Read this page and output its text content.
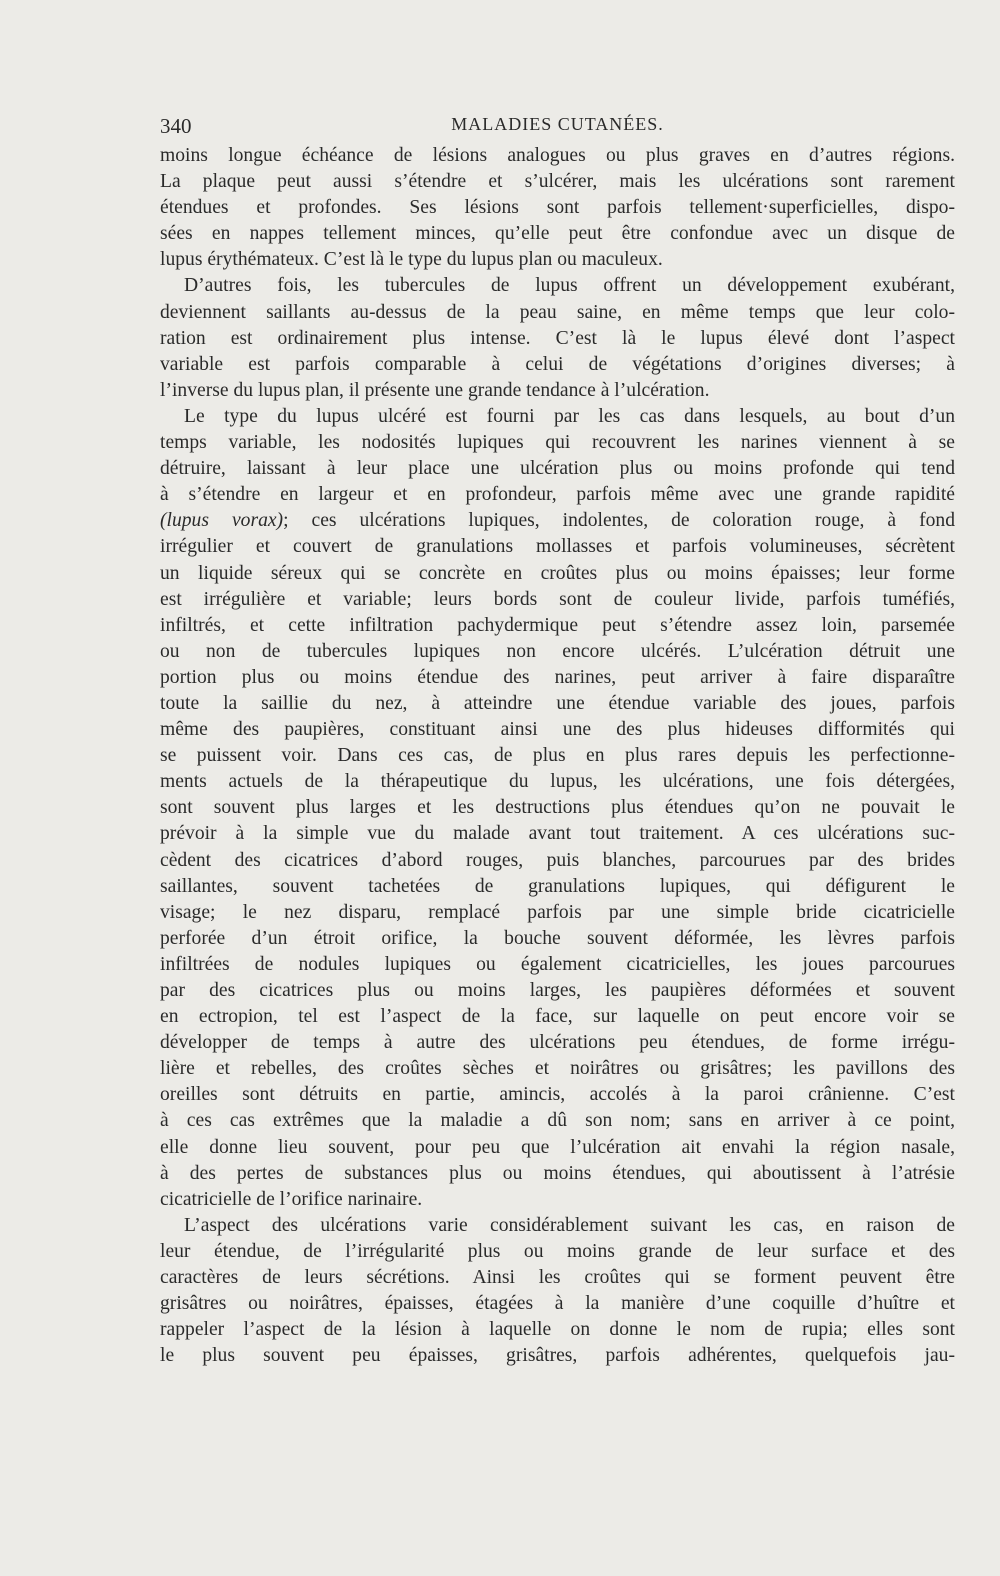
340	MALADIES CUTANÉES.
moins longue échéance de lésions analogues ou plus graves en d’autres régions.
La plaque peut aussi s’étendre et s’ulcérer, mais les ulcérations sont rarement
étendues et profondes. Ses lésions sont parfois tellement·superficielles, dispo-
sées en nappes tellement minces, qu’elle peut être confondue avec un disque de
lupus érythémateux. C’est là le type du lupus plan ou maculeux.
D’autres fois, les tubercules de lupus offrent un développement exubérant,
deviennent saillants au-dessus de la peau saine, en même temps que leur colo-
ration est ordinairement plus intense. C’est là le lupus élevé dont l’aspect
variable est parfois comparable à celui de végétations d’origines diverses; à
l’inverse du lupus plan, il présente une grande tendance à l’ulcération.
Le type du lupus ulcéré est fourni par les cas dans lesquels, au bout d’un
temps variable, les nodosités lupiques qui recouvrent les narines viennent à se
détruire, laissant à leur place une ulcération plus ou moins profonde qui tend
à s’étendre en largeur et en profondeur, parfois même avec une grande rapidité
(lupus vorax); ces ulcérations lupiques, indolentes, de coloration rouge, à fond
irrégulier et couvert de granulations mollasses et parfois volumineuses, sécrètent
un liquide séreux qui se concrète en croûtes plus ou moins épaisses; leur forme
est irrégulière et variable; leurs bords sont de couleur livide, parfois tuméfiés,
infiltrés, et cette infiltration pachydermique peut s’étendre assez loin, parsemée
ou non de tubercules lupiques non encore ulcérés. L’ulcération détruit une
portion plus ou moins étendue des narines, peut arriver à faire disparaître
toute la saillie du nez, à atteindre une étendue variable des joues, parfois
même des paupières, constituant ainsi une des plus hideuses difformités qui
se puissent voir. Dans ces cas, de plus en plus rares depuis les perfectionne-
ments actuels de la thérapeutique du lupus, les ulcérations, une fois détergées,
sont souvent plus larges et les destructions plus étendues qu’on ne pouvait le
prévoir à la simple vue du malade avant tout traitement. A ces ulcérations suc-
cèdent des cicatrices d’abord rouges, puis blanches, parcourues par des brides
saillantes, souvent tachetées de granulations lupiques, qui défigurent le
visage; le nez disparu, remplacé parfois par une simple bride cicatricielle
perforée d’un étroit orifice, la bouche souvent déformée, les lèvres parfois
infiltrées de nodules lupiques ou également cicatricielles, les joues parcourues
par des cicatrices plus ou moins larges, les paupières déformées et souvent
en ectropion, tel est l’aspect de la face, sur laquelle on peut encore voir se
développer de temps à autre des ulcérations peu étendues, de forme irrégu-
lière et rebelles, des croûtes sèches et noirâtres ou grisâtres; les pavillons des
oreilles sont détruits en partie, amincis, accolés à la paroi crânienne. C’est
à ces cas extrêmes que la maladie a dû son nom; sans en arriver à ce point,
elle donne lieu souvent, pour peu que l’ulcération ait envahi la région nasale,
à des pertes de substances plus ou moins étendues, qui aboutissent à l’atrésie
cicatricielle de l’orifice narinaire.
L’aspect des ulcérations varie considérablement suivant les cas, en raison de
leur étendue, de l’irrégularité plus ou moins grande de leur surface et des
caractères de leurs sécrétions. Ainsi les croûtes qui se forment peuvent être
grisâtres ou noirâtres, épaisses, étagées à la manière d’une coquille d’huître et
rappeler l’aspect de la lésion à laquelle on donne le nom de rupia; elles sont
le plus souvent peu épaisses, grisâtres, parfois adhérentes, quelquefois jau-
